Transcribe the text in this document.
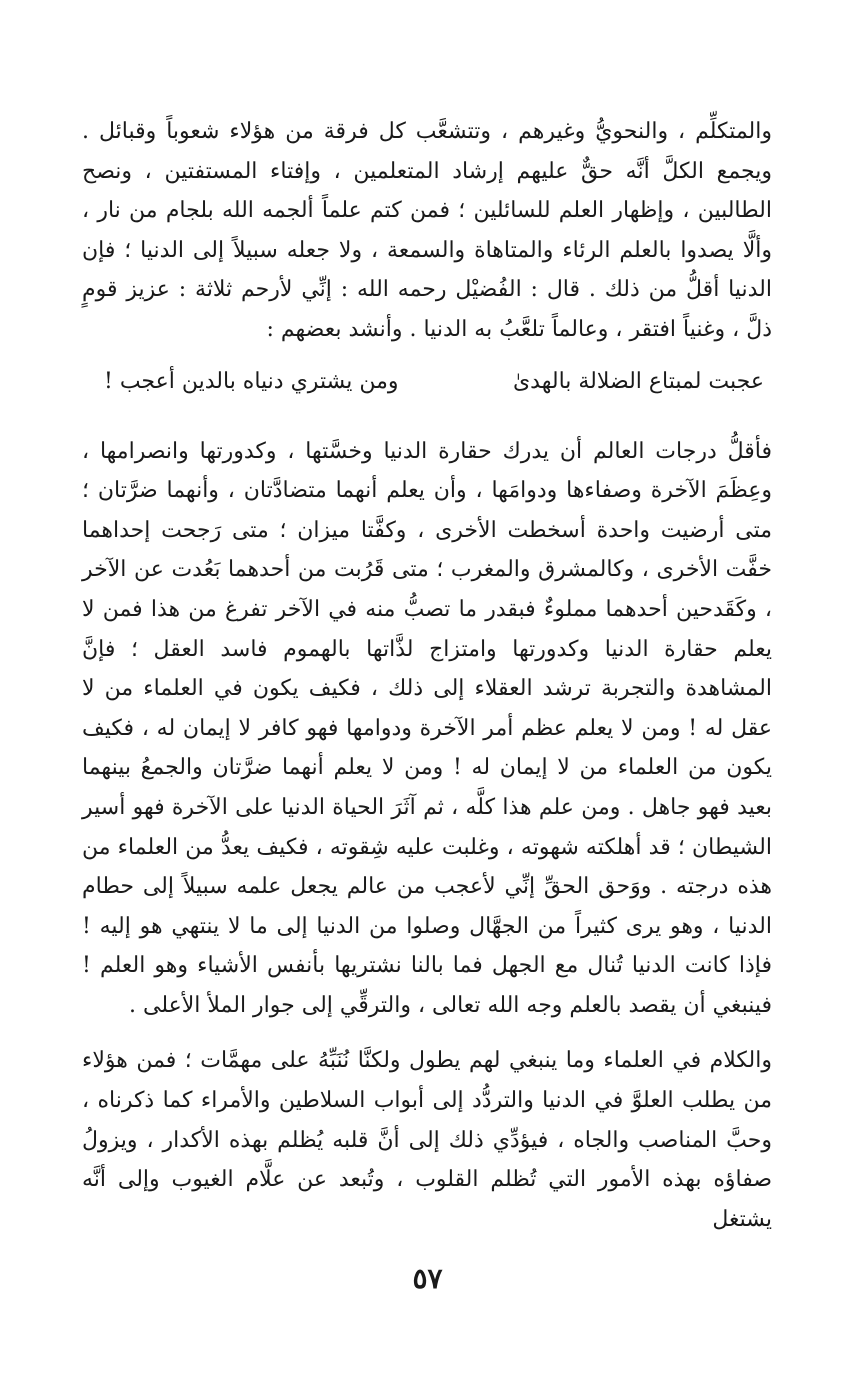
والمتكلِّم ، والنحويُّ وغيرهم ، وتتشعَّب كل فرقة من هؤلاء شعوباً وقبائل . ويجمع الكلَّ أنَّه حقٌّ عليهم إرشاد المتعلمين ، وإفتاء المستفتين ، ونصح الطالبين ، وإظهار العلم للسائلين ؛ فمن كتم علماً ألجمه الله بلجام من نار ، وألَّا يصدوا بالعلم الرئاء والمتاهاة والسمعة ، ولا جعله سبيلاً إلى الدنيا ؛ فإن الدنيا أقلُّ من ذلك . قال : الفُضيْل رحمه الله : إنِّي لأرحم ثلاثة : عزيز قومٍ ذلَّ ، وغنياً افتقر ، وعالماً تلعَّبُ به الدنيا . وأنشد بعضهم :

عجبت لمبتاع الضلالة بالهدىٰ
ومن يشتري دنياه بالدين أعجب !

فأقلُّ درجات العالم أن يدرك حقارة الدنيا وخسَّتها ، وكدورتها وانصرامها ، وعِظَمَ الآخرة وصفاءها ودوامَها ، وأن يعلم أنهما متضادَّتان ، وأنهما ضرَّتان ؛ متى أرضيت واحدة أسخطت الأخرى ، وكفَّتا ميزان ؛ متى رَجحت إحداهما خفَّت الأخرى ، وكالمشرق والمغرب ؛ متى قَرُبت من أحدهما بَعُدت عن الآخر ، وكَقَدحين أحدهما مملوءٌ فبقدر ما تصبُّ منه في الآخر تفرغ من هذا فمن لا يعلم حقارة الدنيا وكدورتها وامتزاج لذَّاتها بالهموم فاسد العقل ؛ فإنَّ المشاهدة والتجربة ترشد العقلاء إلى ذلك ، فكيف يكون في العلماء من لا عقل له ! ومن لا يعلم عظم أمر الآخرة ودوامها فهو كافر لا إيمان له ، فكيف يكون من العلماء من لا إيمان له ! ومن لا يعلم أنهما ضرَّتان والجمعُ بينهما بعيد فهو جاهل . ومن علم هذا كلَّه ، ثم آثَرَ الحياة الدنيا على الآخرة فهو أسير الشيطان ؛ قد أهلكته شهوته ، وغلبت عليه شِقوته ، فكيف يعدُّ من العلماء من هذه درجته . ووَحق الحقِّ إنِّي لأعجب من عالم يجعل علمه سبيلاً إلى حطام الدنيا ، وهو يرى كثيراً من الجهَّال وصلوا من الدنيا إلى ما لا ينتهي هو إليه ! فإذا كانت الدنيا تُنال مع الجهل فما بالنا نشتريها بأنفس الأشياء وهو العلم ! فينبغي أن يقصد بالعلم وجه الله تعالى ، والترقِّي إلى جوار الملأ الأعلى .

والكلام في العلماء وما ينبغي لهم يطول ولكنَّا نُنَبِّهُ على مهمَّات ؛ فمن هؤلاء من يطلب العلوَّ في الدنيا والتردُّد إلى أبواب السلاطين والأمراء كما ذكرناه ، وحبَّ المناصب والجاه ، فيؤدِّي ذلك إلى أنَّ قلبه يُظلم بهذه الأكدار ، ويزولُ صفاؤه بهذه الأمور التي تُظلم القلوب ، وتُبعد عن علَّام الغيوب وإلى أنَّه يشتغل

٥٧
